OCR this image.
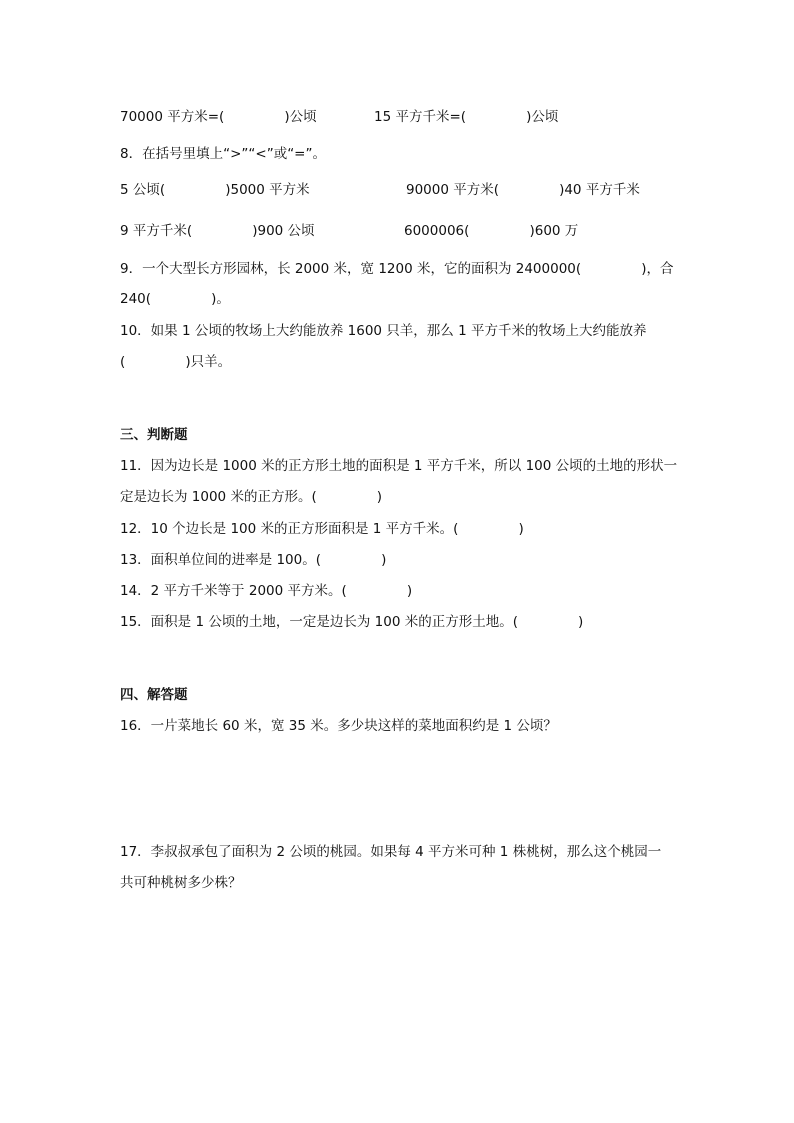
70000 平方米=(              )公顷	15 平方千米=(              )公顷
8．在括号里填上“>”“<”或“=”。
5 公顷(              )5000 平方米	90000 平方米(              )40 平方千米
9 平方千米(              )900 公顷	6000006(              )600 万
9．一个大型长方形园林，长 2000 米，宽 1200 米，它的面积为 2400000(              )，合
240(              )。
10．如果 1 公顷的牧场上大约能放养 1600 只羊，那么 1 平方千米的牧场上大约能放养
(              )只羊。
三、判断题
11．因为边长是 1000 米的正方形土地的面积是 1 平方千米，所以 100 公顷的土地的形状一
定是边长为 1000 米的正方形。(              )
12．10 个边长是 100 米的正方形面积是 1 平方千米。(              )
13．面积单位间的进率是 100。(              )
14．2 平方千米等于 2000 平方米。(              )
15．面积是 1 公顷的土地，一定是边长为 100 米的正方形土地。(              )
四、解答题
16．一片菜地长 60 米，宽 35 米。多少块这样的菜地面积约是 1 公顷？
17．李叔叔承包了面积为 2 公顷的桃园。如果每 4 平方米可种 1 株桃树，那么这个桃园一
共可种桃树多少株？
